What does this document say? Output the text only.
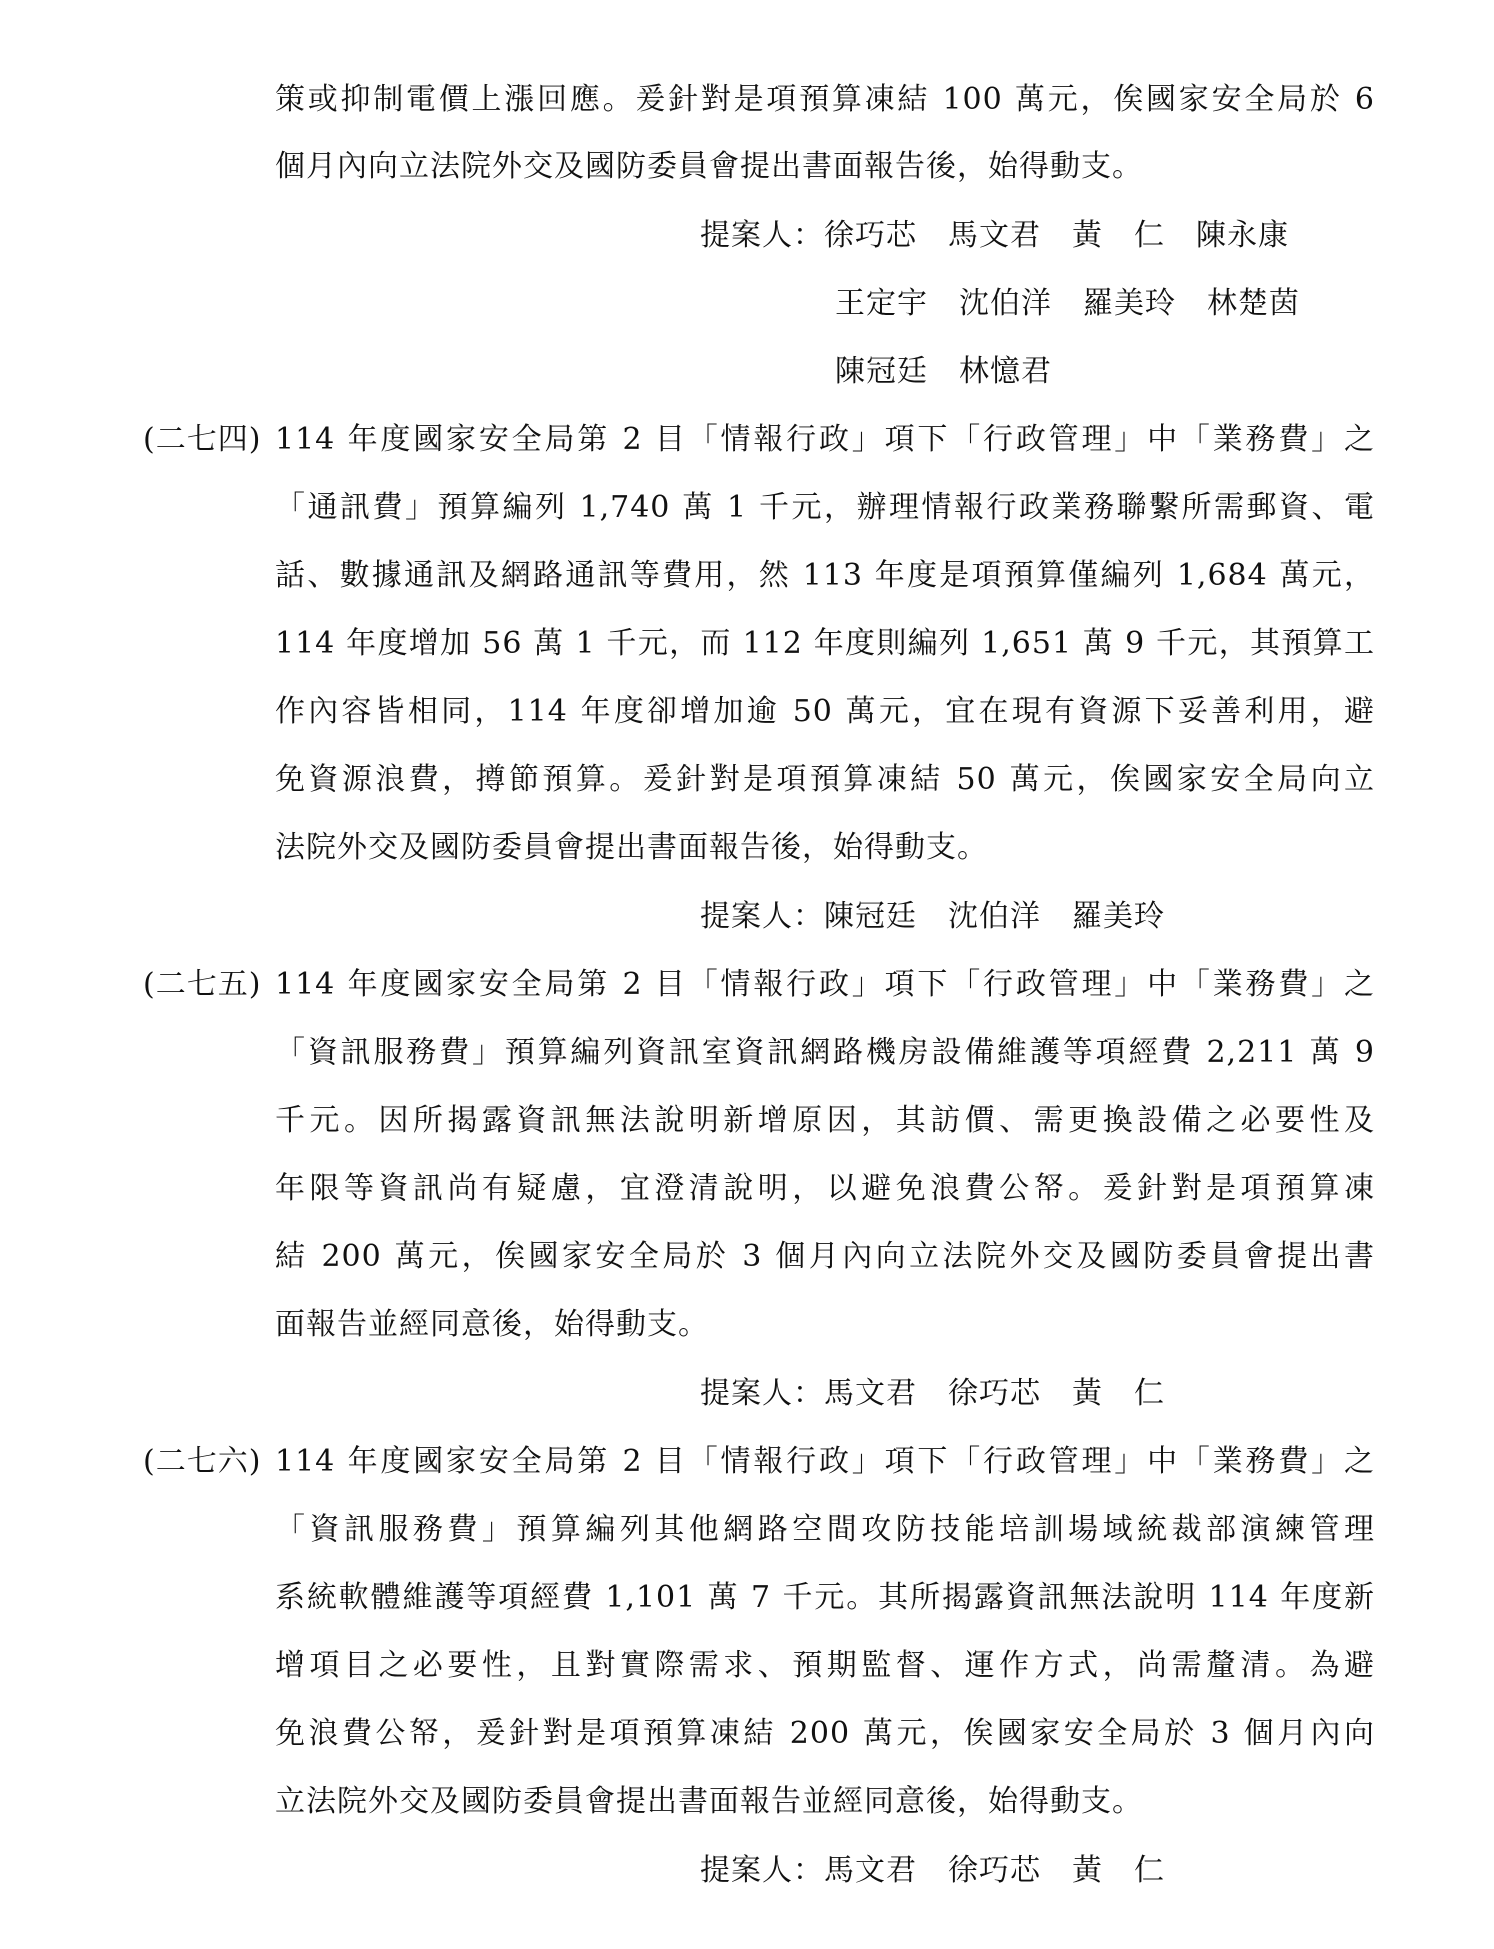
策或抑制電價上漲回應。爰針對是項預算凍結 100 萬元，俟國家安全局於 6
個月內向立法院外交及國防委員會提出書面報告後，始得動支。
提案人：徐巧芯　馬文君　黃　仁　陳永康
王定宇　沈伯洋　羅美玲　林楚茵
陳冠廷　林憶君
(二七四) 114 年度國家安全局第 2 目「情報行政」項下「行政管理」中「業務費」之
「通訊費」預算編列 1,740 萬 1 千元，辦理情報行政業務聯繫所需郵資、電
話、數據通訊及網路通訊等費用，然 113 年度是項預算僅編列 1,684 萬元，
114 年度增加 56 萬 1 千元，而 112 年度則編列 1,651 萬 9 千元，其預算工
作內容皆相同，114 年度卻增加逾 50 萬元，宜在現有資源下妥善利用，避
免資源浪費，撙節預算。爰針對是項預算凍結 50 萬元，俟國家安全局向立
法院外交及國防委員會提出書面報告後，始得動支。
提案人：陳冠廷　沈伯洋　羅美玲
(二七五) 114 年度國家安全局第 2 目「情報行政」項下「行政管理」中「業務費」之
「資訊服務費」預算編列資訊室資訊網路機房設備維護等項經費 2,211 萬 9
千元。因所揭露資訊無法說明新增原因，其訪價、需更換設備之必要性及
年限等資訊尚有疑慮，宜澄清說明，以避免浪費公帑。爰針對是項預算凍
結 200 萬元，俟國家安全局於 3 個月內向立法院外交及國防委員會提出書
面報告並經同意後，始得動支。
提案人：馬文君　徐巧芯　黃　仁
(二七六) 114 年度國家安全局第 2 目「情報行政」項下「行政管理」中「業務費」之
「資訊服務費」預算編列其他網路空間攻防技能培訓場域統裁部演練管理
系統軟體維護等項經費 1,101 萬 7 千元。其所揭露資訊無法說明 114 年度新
增項目之必要性，且對實際需求、預期監督、運作方式，尚需釐清。為避
免浪費公帑，爰針對是項預算凍結 200 萬元，俟國家安全局於 3 個月內向
立法院外交及國防委員會提出書面報告並經同意後，始得動支。
提案人：馬文君　徐巧芯　黃　仁
